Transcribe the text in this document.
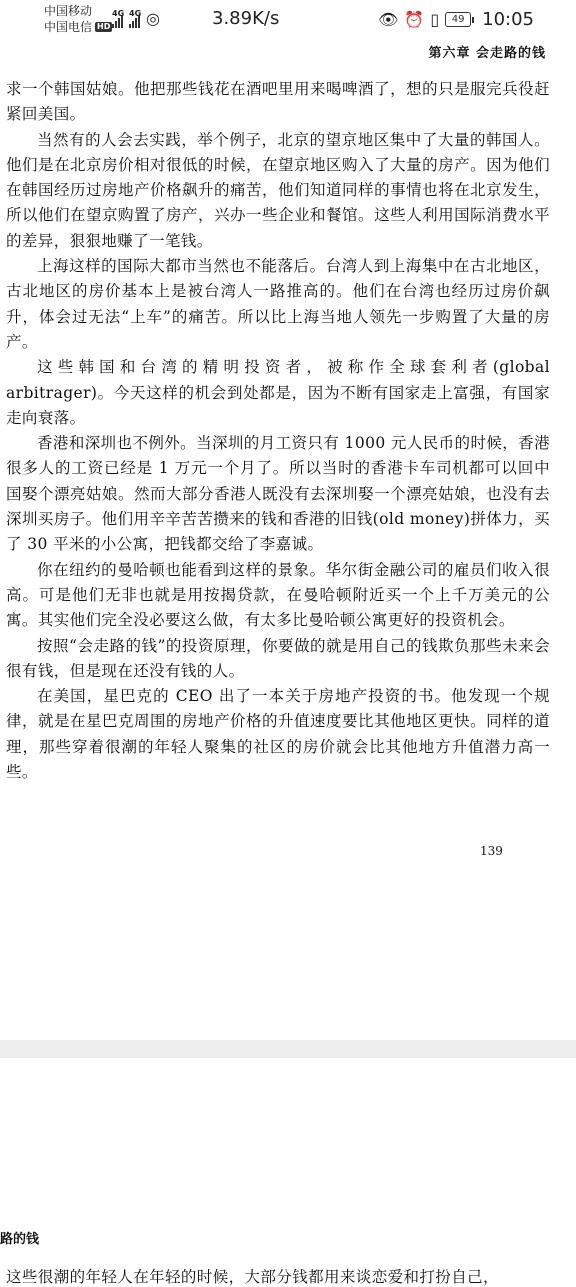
中国移动
中国电信 HD
4G 4G ◎	3.89K/s	👁 ⏰ ▯	49 10:05
第六章 会走路的钱

求一个韩国姑娘。他把那些钱花在酒吧里用来喝啤酒了，想的只是服完兵役赶紧回美国。

当然有的人会去实践，举个例子，北京的望京地区集中了大量的韩国人。他们是在北京房价相对很低的时候，在望京地区购入了大量的房产。因为他们在韩国经历过房地产价格飙升的痛苦，他们知道同样的事情也将在北京发生，所以他们在望京购置了房产，兴办一些企业和餐馆。这些人利用国际消费水平的差异，狠狠地赚了一笔钱。

上海这样的国际大都市当然也不能落后。台湾人到上海集中在古北地区，古北地区的房价基本上是被台湾人一路推高的。他们在台湾也经历过房价飙升，体会过无法“上车”的痛苦。所以比上海当地人领先一步购置了大量的房产。

这些韩国和台湾的精明投资者，被称作全球套利者(global arbitrager)。今天这样的机会到处都是，因为不断有国家走上富强，有国家走向衰落。

香港和深圳也不例外。当深圳的月工资只有 1000 元人民币的时候，香港很多人的工资已经是 1 万元一个月了。所以当时的香港卡车司机都可以回中国娶个漂亮姑娘。然而大部分香港人既没有去深圳娶一个漂亮姑娘，也没有去深圳买房子。他们用辛辛苦苦攒来的钱和香港的旧钱(old money)拼体力，买了 30 平米的小公寓，把钱都交给了李嘉诚。

你在纽约的曼哈顿也能看到这样的景象。华尔街金融公司的雇员们收入很高。可是他们无非也就是用按揭贷款，在曼哈顿附近买一个上千万美元的公寓。其实他们完全没必要这么做，有太多比曼哈顿公寓更好的投资机会。

按照“会走路的钱”的投资原理，你要做的就是用自己的钱欺负那些未来会很有钱，但是现在还没有钱的人。

在美国，星巴克的 CEO 出了一本关于房地产投资的书。他发现一个规律，就是在星巴克周围的房地产价格的升值速度要比其他地区更快。同样的道理，那些穿着很潮的年轻人聚集的社区的房价就会比其他地方升值潜力高一些。

139
路的钱
这些很潮的年轻人在年轻的时候，大部分钱都用来谈恋爱和打扮自己，
